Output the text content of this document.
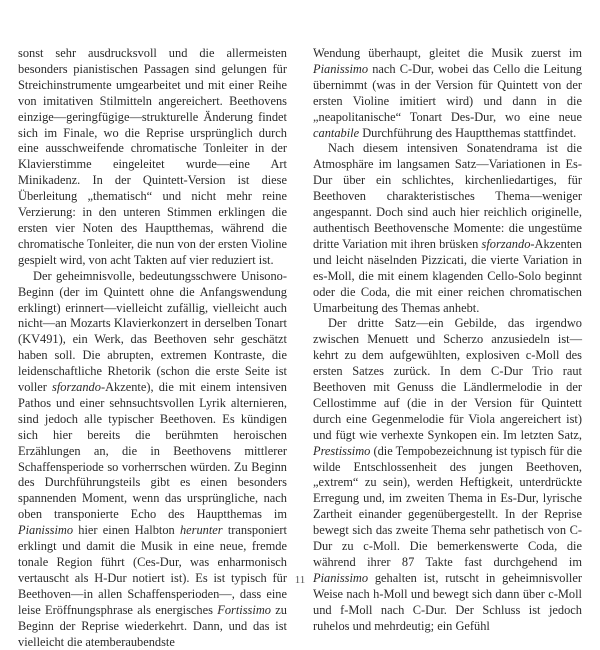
sonst sehr ausdrucksvoll und die allermeisten besonders pianistischen Passagen sind gelungen für Streichinstrumente umgearbeitet und mit einer Reihe von imitativen Stilmitteln angereichert. Beethovens einzige—geringfügige—strukturelle Änderung findet sich im Finale, wo die Reprise ursprünglich durch eine ausschweifende chromatische Tonleiter in der Klavierstimme eingeleitet wurde—eine Art Minikadenz. In der Quintett-Version ist diese Überleitung „thematisch“ und nicht mehr reine Verzierung: in den unteren Stimmen erklingen die ersten vier Noten des Hauptthemas, während die chromatische Tonleiter, die nun von der ersten Violine gespielt wird, von acht Takten auf vier reduziert ist.

Der geheimnisvolle, bedeutungsschwere Unisono-Beginn (der im Quintett ohne die Anfangswendung erklingt) erinnert—vielleicht zufällig, vielleicht auch nicht—an Mozarts Klavierkonzert in derselben Tonart (KV491), ein Werk, das Beethoven sehr geschätzt haben soll. Die abrupten, extremen Kontraste, die leidenschaftliche Rhetorik (schon die erste Seite ist voller sforzando-Akzente), die mit einem intensiven Pathos und einer sehnsuchtsvollen Lyrik alternieren, sind jedoch alle typischer Beethoven. Es kündigen sich hier bereits die berühmten heroischen Erzählungen an, die in Beethovens mittlerer Schaffensperiode so vorherrschen würden. Zu Beginn des Durchführungsteils gibt es einen besonders spannenden Moment, wenn das ursprüngliche, nach oben transponierte Echo des Hauptthemas im Pianissimo hier einen Halbton herunter transponiert erklingt und damit die Musik in eine neue, fremde tonale Region führt (Ces-Dur, was enharmonisch vertauscht als H-Dur notiert ist). Es ist typisch für Beethoven—in allen Schaffensperioden—, dass eine leise Eröffnungsphrase als energisches Fortissimo zu Beginn der Reprise wiederkehrt. Dann, und das ist vielleicht die atemberaubendste

Wendung überhaupt, gleitet die Musik zuerst im Pianissimo nach C-Dur, wobei das Cello die Leitung übernimmt (was in der Version für Quintett von der ersten Violine imitiert wird) und dann in die „neapolitanische“ Tonart Des-Dur, wo eine neue cantabile Durchführung des Hauptthemas stattfindet.

Nach diesem intensiven Sonatendrama ist die Atmosphäre im langsamen Satz—Variationen in Es-Dur über ein schlichtes, kirchenliedartiges, für Beethoven charakteristisches Thema—weniger angespannt. Doch sind auch hier reichlich originelle, authentisch Beethovensche Momente: die ungestüme dritte Variation mit ihren brüsken sforzando-Akzenten und leicht näselnden Pizzicati, die vierte Variation in es-Moll, die mit einem klagenden Cello-Solo beginnt oder die Coda, die mit einer reichen chromatischen Umarbeitung des Themas anhebt.

Der dritte Satz—ein Gebilde, das irgendwo zwischen Menuett und Scherzo anzusiedeln ist—kehrt zu dem aufgewühlten, explosiven c-Moll des ersten Satzes zurück. In dem C-Dur Trio raut Beethoven mit Genuss die Ländlermelodie in der Cellostimme auf (die in der Version für Quintett durch eine Gegenmelodie für Viola angereichert ist) und fügt wie verhexte Synkopen ein. Im letzten Satz, Prestissimo (die Tempobezeichnung ist typisch für die wilde Entschlossenheit des jungen Beethoven, „extrem“ zu sein), werden Heftigkeit, unterdrückte Erregung und, im zweiten Thema in Es-Dur, lyrische Zartheit einander gegenübergestellt. In der Reprise bewegt sich das zweite Thema sehr pathetisch von C-Dur zu c-Moll. Die bemerkenswerte Coda, die während ihrer 87 Takte fast durchgehend im Pianissimo gehalten ist, rutscht in geheimnisvoller Weise nach h-Moll und bewegt sich dann über c-Moll und f-Moll nach C-Dur. Der Schluss ist jedoch ruhelos und mehrdeutig; ein Gefühl

11
